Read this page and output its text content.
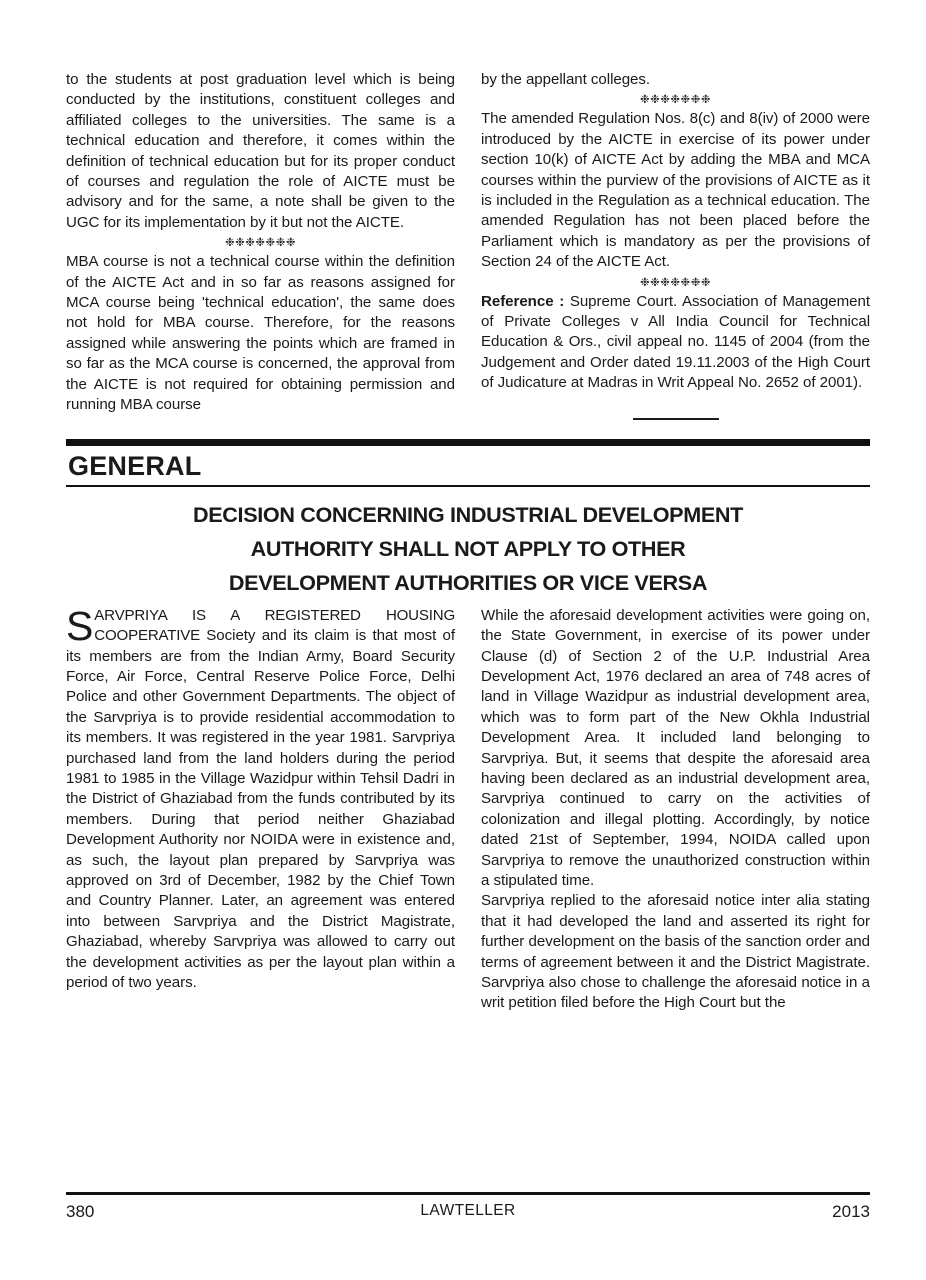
to the students at post graduation level which is being conducted by the institutions, constituent colleges and affiliated colleges to the universities. The same is a technical education and therefore, it comes within the definition of technical education but for its proper conduct of courses and regulation the role of AICTE must be advisory and for the same, a note shall be given to the UGC for its implementation by it but not the AICTE.

❉❉❉❉❉❉❉

MBA course is not a technical course within the definition of the AICTE Act and in so far as reasons assigned for MCA course being 'technical education', the same does not hold for MBA course. Therefore, for the reasons assigned while answering the points which are framed in so far as the MCA course is concerned, the approval from the AICTE is not required for obtaining permission and running MBA course

by the appellant colleges.

❉❉❉❉❉❉❉

The amended Regulation Nos. 8(c) and 8(iv) of 2000 were introduced by the AICTE in exercise of its power under section 10(k) of AICTE Act by adding the MBA and MCA courses within the purview of the provisions of AICTE as it is included in the Regulation as a technical education. The amended Regulation has not been placed before the Parliament which is mandatory as per the provisions of Section 24 of the AICTE Act.

❉❉❉❉❉❉❉

Reference : Supreme Court. Association of Management of Private Colleges v All India Council for Technical Education & Ors., civil appeal no. 1145 of 2004 (from the Judgement and Order dated 19.11.2003 of the High Court of Judicature at Madras in Writ Appeal No. 2652 of 2001).

GENERAL
DECISION CONCERNING INDUSTRIAL DEVELOPMENT
AUTHORITY SHALL NOT APPLY TO OTHER
DEVELOPMENT AUTHORITIES OR VICE VERSA

SARVPRIYA IS A REGISTERED HOUSING COOPERATIVE Society and its claim is that most of its members are from the Indian Army, Board Security Force, Air Force, Central Reserve Police Force, Delhi Police and other Government Departments. The object of the Sarvpriya is to provide residential accommodation to its members. It was registered in the year 1981. Sarvpriya purchased land from the land holders during the period 1981 to 1985 in the Village Wazidpur within Tehsil Dadri in the District of Ghaziabad from the funds contributed by its members. During that period neither Ghaziabad Development Authority nor NOIDA were in existence and, as such, the layout plan prepared by Sarvpriya was approved on 3rd of December, 1982 by the Chief Town and Country Planner. Later, an agreement was entered into between Sarvpriya and the District Magistrate, Ghaziabad, whereby Sarvpriya was allowed to carry out the development activities as per the layout plan within a period of two years.

While the aforesaid development activities were going on, the State Government, in exercise of its power under Clause (d) of Section 2 of the U.P. Industrial Area Development Act, 1976 declared an area of 748 acres of land in Village Wazidpur as industrial development area, which was to form part of the New Okhla Industrial Development Area. It included land belonging to Sarvpriya. But, it seems that despite the aforesaid area having been declared as an industrial development area, Sarvpriya continued to carry on the activities of colonization and illegal plotting. Accordingly, by notice dated 21st of September, 1994, NOIDA called upon Sarvpriya to remove the unauthorized construction within a stipulated time.

Sarvpriya replied to the aforesaid notice inter alia stating that it had developed the land and asserted its right for further development on the basis of the sanction order and terms of agreement between it and the District Magistrate. Sarvpriya also chose to challenge the aforesaid notice in a writ petition filed before the High Court but the

380	LAWTELLER	2013
